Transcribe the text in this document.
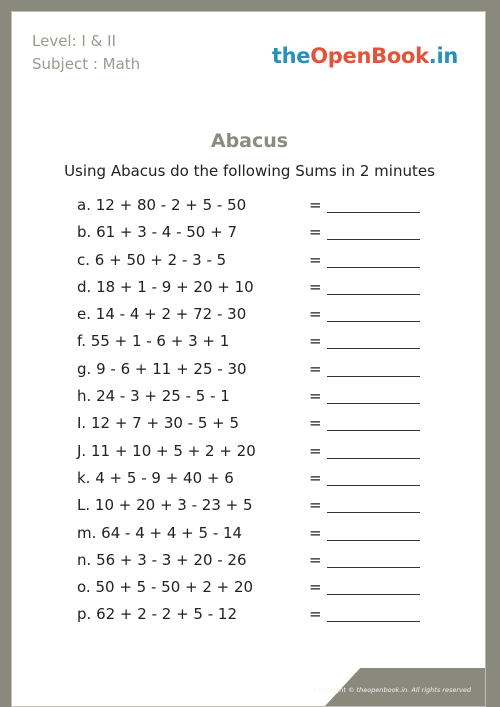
Level: I & II
Subject : Math	theOpenBook.in
Abacus
Using Abacus do the following Sums in 2 minutes
a. 12 + 80 - 2 + 5 - 50	=
b. 61 + 3 - 4 - 50 + 7	=
c. 6 + 50 + 2 - 3 - 5	=
d. 18 + 1 - 9 + 20 + 10	=
e. 14 - 4 + 2 + 72 - 30	=
f. 55 + 1 - 6 + 3 + 1	=
g. 9 - 6 + 11 + 25 - 30	=
h. 24 - 3 + 25 - 5 - 1	=
I. 12 + 7 + 30 - 5 + 5	=
J. 11 + 10 + 5 + 2 + 20	=
k. 4 + 5 - 9 + 40 + 6	=
L. 10 + 20 + 3 - 23 + 5	=
m. 64 - 4 + 4 + 5 - 14	=
n. 56 + 3 - 3 + 20 - 26	=
o. 50 + 5 - 50 + 2 + 20	=
p. 62 + 2 - 2 + 5 - 12	=
Copyright © theopenbook.in. All rights reserved
